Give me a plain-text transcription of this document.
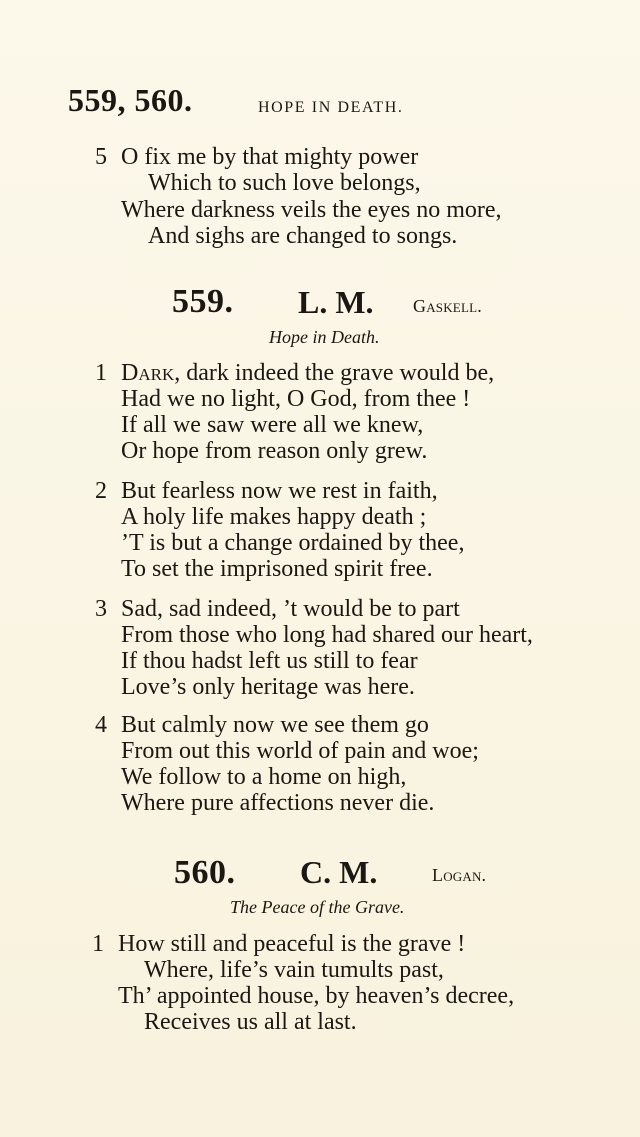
559, 560.	HOPE IN DEATH.
5 O fix me by that mighty power
Which to such love belongs,
Where darkness veils the eyes no more,
And sighs are changed to songs.
559. L. M. Gaskell.
Hope in Death.
1 Dark, dark indeed the grave would be,
Had we no light, O God, from thee !
If all we saw were all we knew,
Or hope from reason only grew.
2 But fearless now we rest in faith,
A holy life makes happy death ;
’T is but a change ordained by thee,
To set the imprisoned spirit free.
3 Sad, sad indeed, ’t would be to part
From those who long had shared our heart,
If thou hadst left us still to fear
Love’s only heritage was here.
4 But calmly now we see them go
From out this world of pain and woe;
We follow to a home on high,
Where pure affections never die.
560. C. M.	Logan.
The Peace of the Grave.
1 How still and peaceful is the grave !
Where, life’s vain tumults past,
Th’ appointed house, by heaven’s decree,
Receives us all at last.
